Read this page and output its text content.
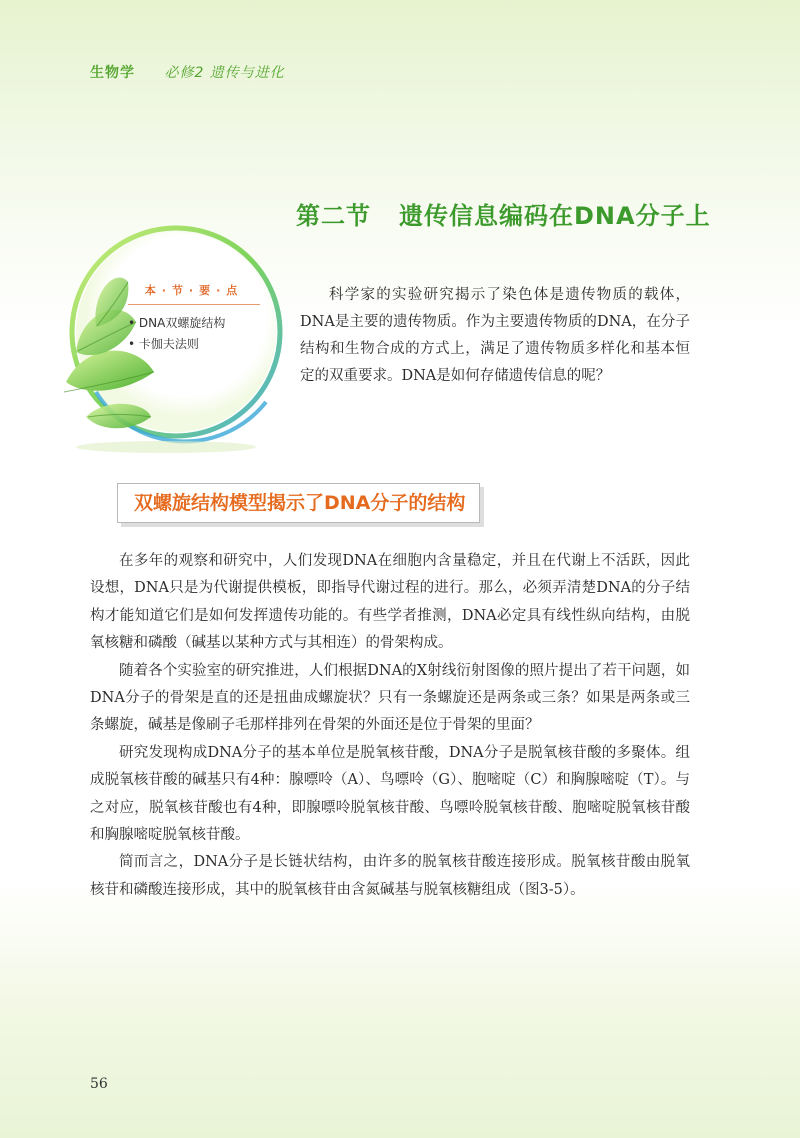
生物学 必修2 遗传与进化
第二节 遗传信息编码在DNA分子上
本·节·要·点
• DNA双螺旋结构
• 卡伽夫法则
科学家的实验研究揭示了染色体是遗传物质的载体，DNA是主要的遗传物质。作为主要遗传物质的DNA，在分子结构和生物合成的方式上，满足了遗传物质多样化和基本恒定的双重要求。DNA是如何存储遗传信息的呢？
双螺旋结构模型揭示了DNA分子的结构

在多年的观察和研究中，人们发现DNA在细胞内含量稳定，并且在代谢上不活跃，因此设想，DNA只是为代谢提供模板，即指导代谢过程的进行。那么，必须弄清楚DNA的分子结构才能知道它们是如何发挥遗传功能的。有些学者推测，DNA必定具有线性纵向结构，由脱氧核糖和磷酸（碱基以某种方式与其相连）的骨架构成。

随着各个实验室的研究推进，人们根据DNA的X射线衍射图像的照片提出了若干问题，如DNA分子的骨架是直的还是扭曲成螺旋状？只有一条螺旋还是两条或三条？如果是两条或三条螺旋，碱基是像刷子毛那样排列在骨架的外面还是位于骨架的里面？

研究发现构成DNA分子的基本单位是脱氧核苷酸，DNA分子是脱氧核苷酸的多聚体。组成脱氧核苷酸的碱基只有4种：腺嘌呤（A）、鸟嘌呤（G）、胞嘧啶（C）和胸腺嘧啶（T）。与之对应，脱氧核苷酸也有4种，即腺嘌呤脱氧核苷酸、鸟嘌呤脱氧核苷酸、胞嘧啶脱氧核苷酸和胸腺嘧啶脱氧核苷酸。

简而言之，DNA分子是长链状结构，由许多的脱氧核苷酸连接形成。脱氧核苷酸由脱氧核苷和磷酸连接形成，其中的脱氧核苷由含氮碱基与脱氧核糖组成（图3-5）。

56
